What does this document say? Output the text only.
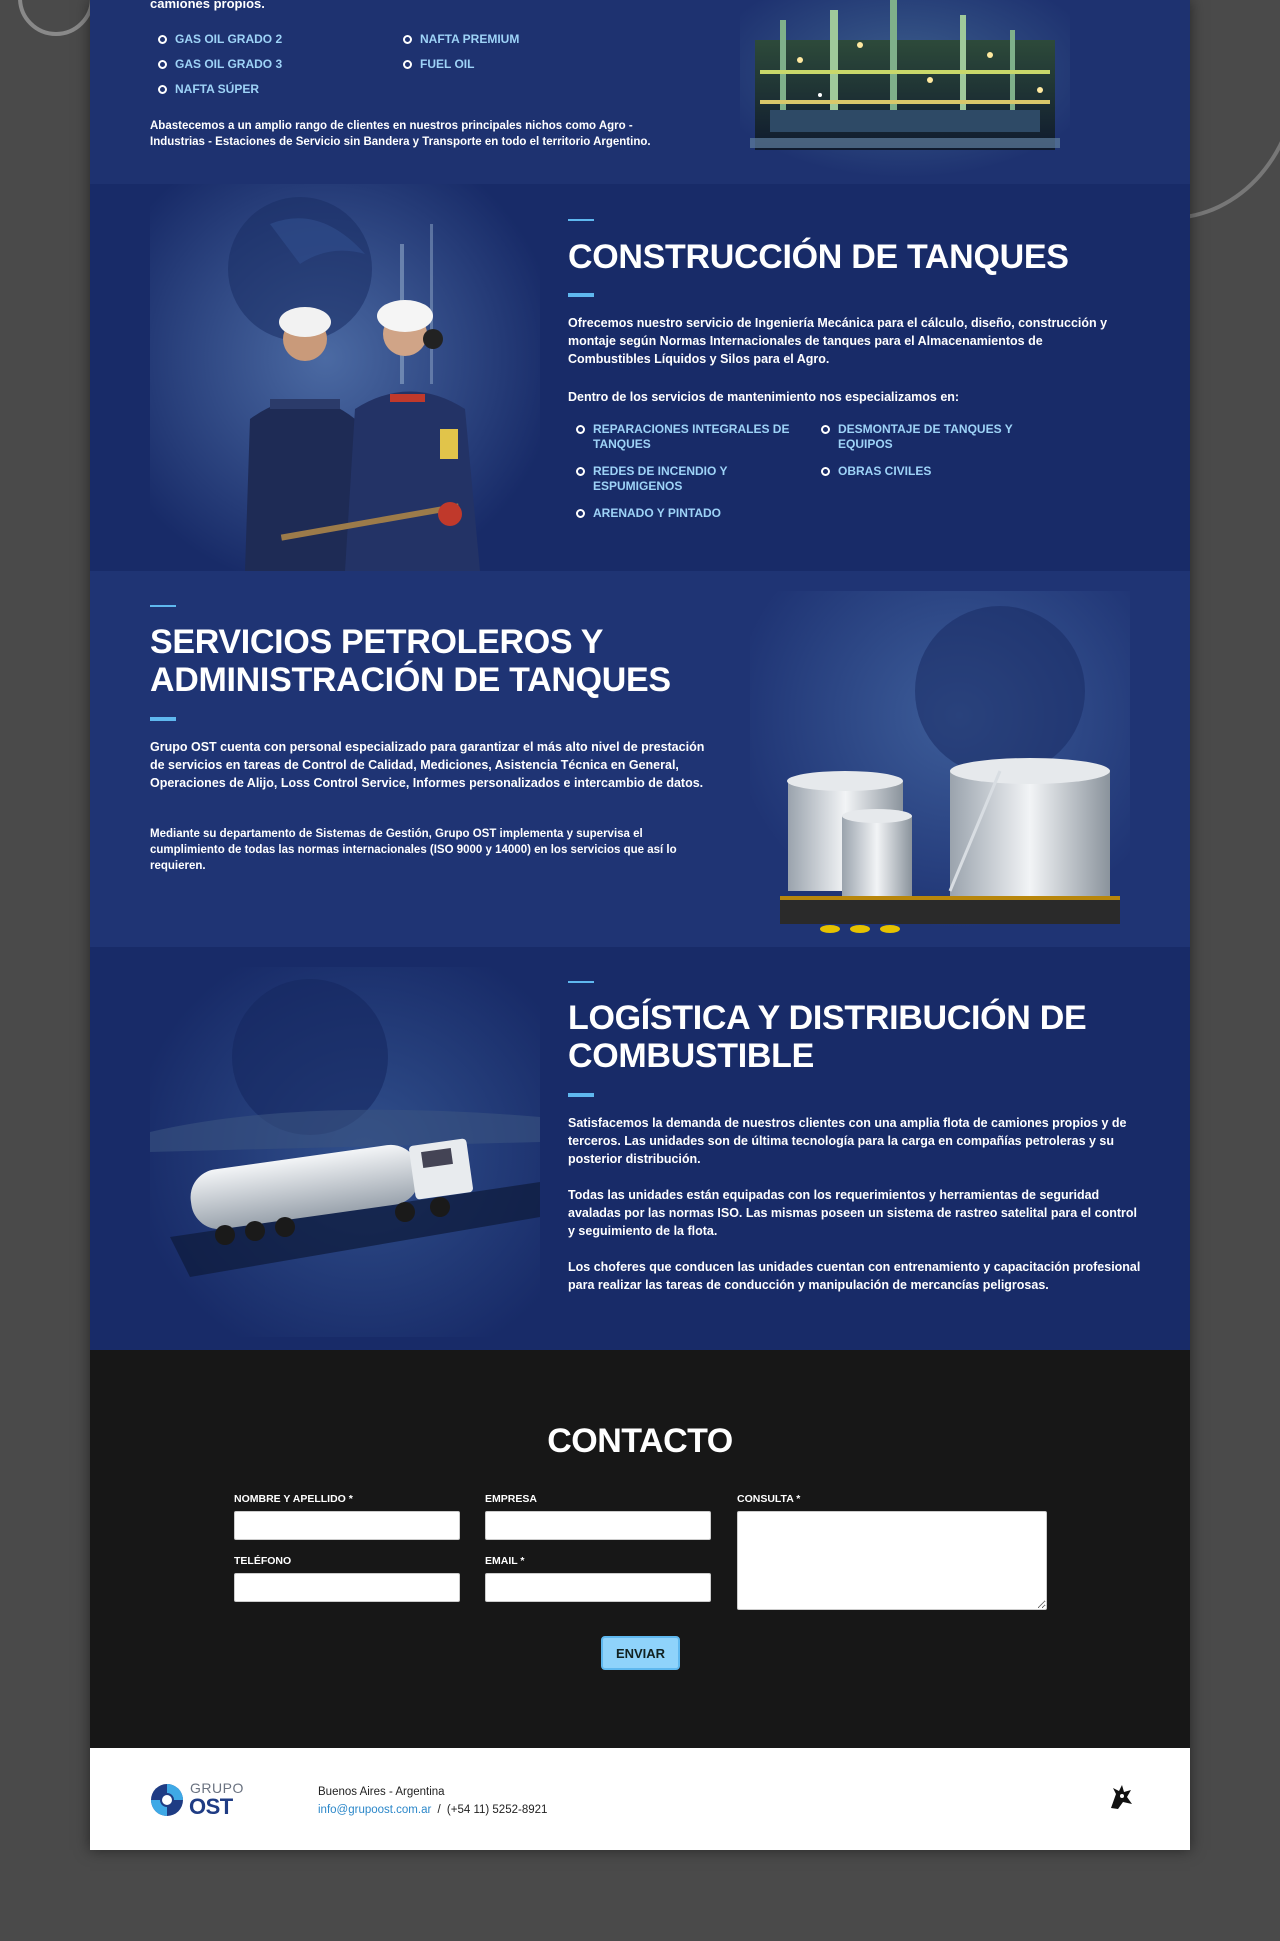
camiones propios.
GAS OIL GRADO 2	NAFTA PREMIUM
GAS OIL GRADO 3	FUEL OIL
NAFTA SÚPER

Abastecemos a un amplio rango de clientes en nuestros principales nichos como Agro - Industrias - Estaciones de Servicio sin Bandera y Transporte en todo el territorio Argentino.

CONSTRUCCIÓN DE TANQUES

Ofrecemos nuestro servicio de Ingeniería Mecánica para el cálculo, diseño, construcción y montaje según Normas Internacionales de tanques para el Almacenamientos de Combustibles Líquidos y Silos para el Agro.

Dentro de los servicios de mantenimiento nos especializamos en:

REPARACIONES INTEGRALES DE TANQUES
DESMONTAJE DE TANQUES Y EQUIPOS
REDES DE INCENDIO Y ESPUMIGENOS
OBRAS CIVILES
ARENADO Y PINTADO
SERVICIOS PETROLEROS Y ADMINISTRACIÓN DE TANQUES

Grupo OST cuenta con personal especializado para garantizar el más alto nivel de prestación de servicios en tareas de Control de Calidad, Mediciones, Asistencia Técnica en General, Operaciones de Alijo, Loss Control Service, Informes personalizados e intercambio de datos.

Mediante su departamento de Sistemas de Gestión, Grupo OST implementa y supervisa el cumplimiento de todas las normas internacionales (ISO 9000 y 14000) en los servicios que así lo requieren.

LOGÍSTICA Y DISTRIBUCIÓN DE COMBUSTIBLE

Satisfacemos la demanda de nuestros clientes con una amplia flota de camiones propios y de terceros. Las unidades son de última tecnología para la carga en compañías petroleras y su posterior distribución.

Todas las unidades están equipadas con los requerimientos y herramientas de seguridad avaladas por las normas ISO. Las mismas poseen un sistema de rastreo satelital para el control y seguimiento de la flota.

Los choferes que conducen las unidades cuentan con entrenamiento y capacitación profesional para realizar las tareas de conducción y manipulación de mercancías peligrosas.

CONTACTO
NOMBRE Y APELLIDO *	EMPRESA	CONSULTA *
TELÉFONO	EMAIL *
ENVIAR
GRUPO
OST
Buenos Aires - Argentina
info@grupoost.com.ar / (+54 11) 5252-8921
